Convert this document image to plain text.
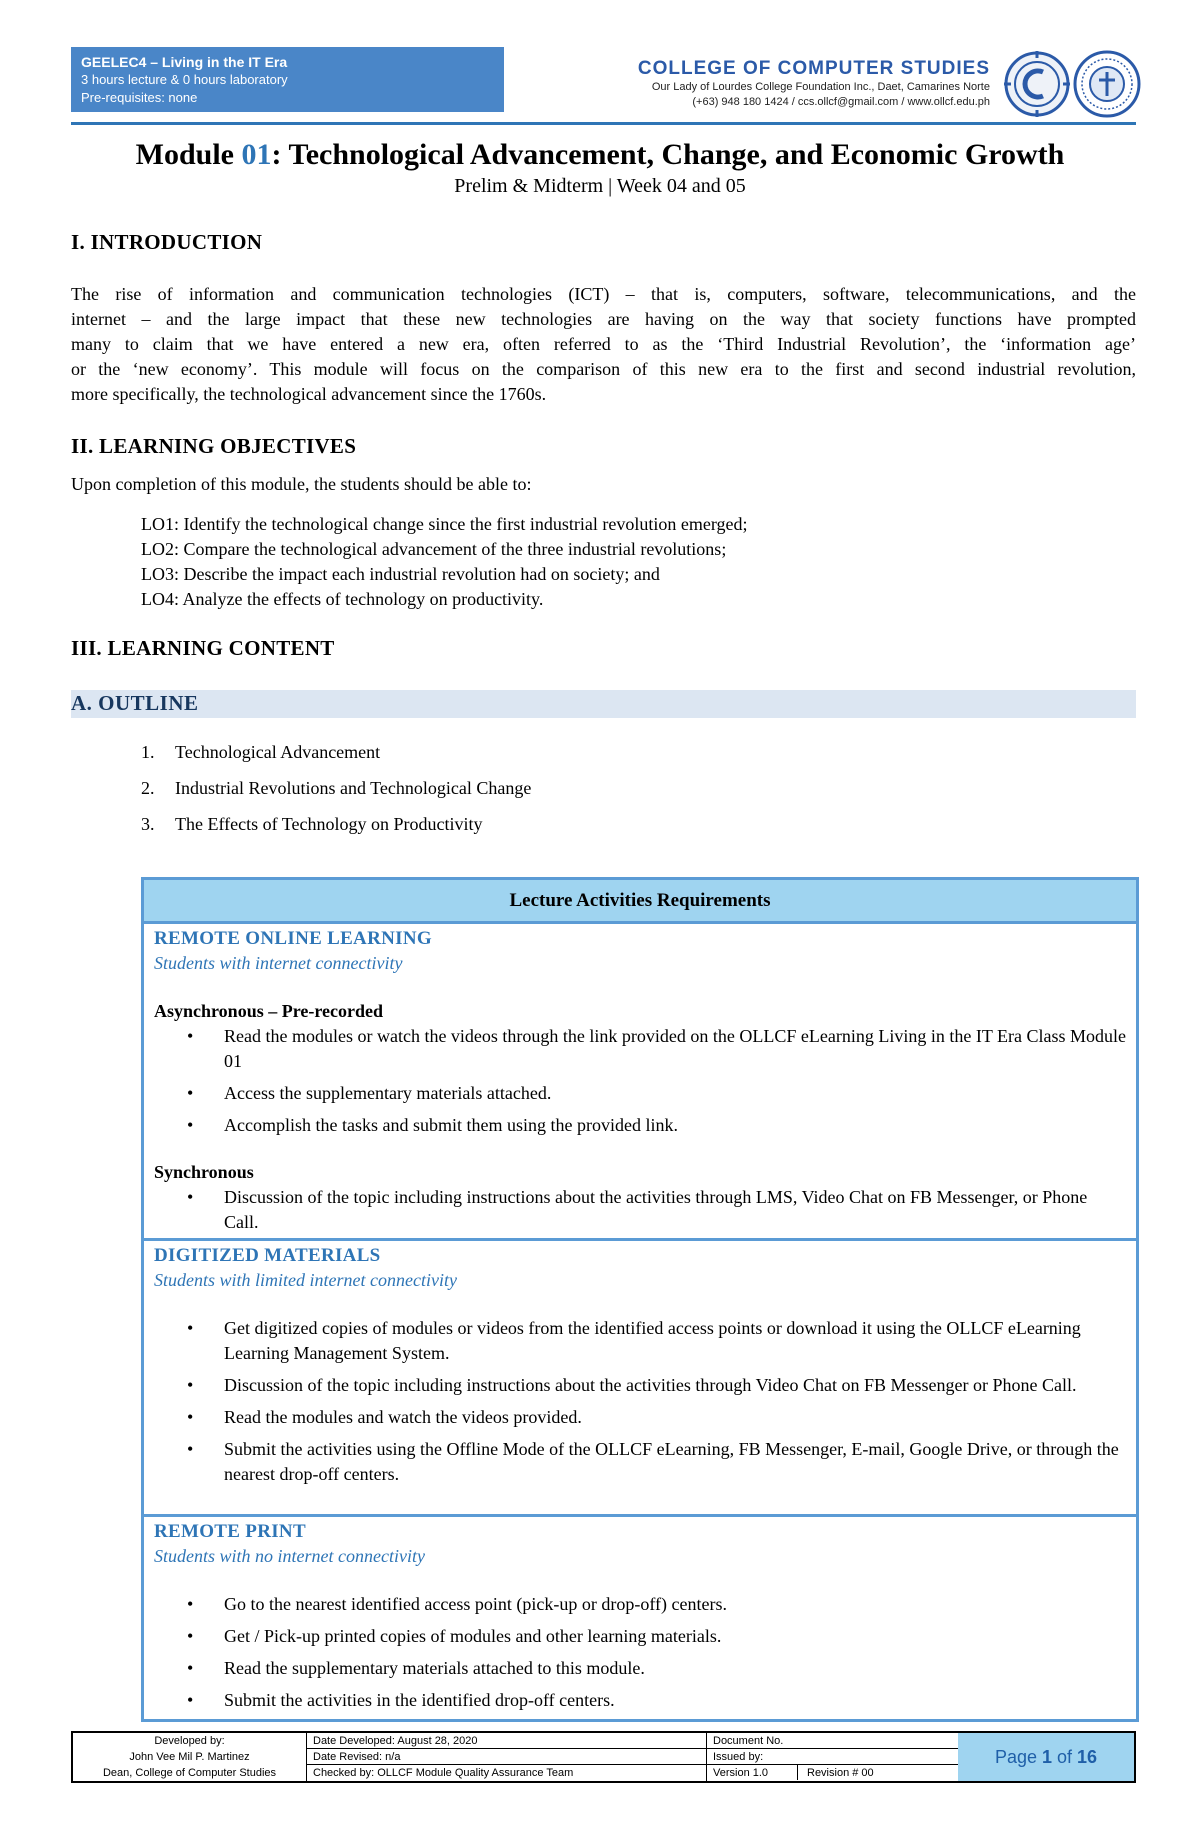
GEELEC4 – Living in the IT Era
3 hours lecture & 0 hours laboratory
Pre-requisites: none
COLLEGE OF COMPUTER STUDIES
Our Lady of Lourdes College Foundation Inc., Daet, Camarines Norte
(+63) 948 180 1424 / ccs.ollcf@gmail.com / www.ollcf.edu.ph
Module 01: Technological Advancement, Change, and Economic Growth
Prelim & Midterm | Week 04 and 05
I. INTRODUCTION
The rise of information and communication technologies (ICT) – that is, computers, software, telecommunications, and the
internet – and the large impact that these new technologies are having on the way that society functions have prompted
many to claim that we have entered a new era, often referred to as the ‘Third Industrial Revolution’, the ‘information age’
or the ‘new economy’. This module will focus on the comparison of this new era to the first and second industrial revolution,
more specifically, the technological advancement since the 1760s.
II. LEARNING OBJECTIVES
Upon completion of this module, the students should be able to:
LO1: Identify the technological change since the first industrial revolution emerged;
LO2: Compare the technological advancement of the three industrial revolutions;
LO3: Describe the impact each industrial revolution had on society; and
LO4: Analyze the effects of technology on productivity.
III. LEARNING CONTENT
A. OUTLINE
1. Technological Advancement
2. Industrial Revolutions and Technological Change
3. The Effects of Technology on Productivity
Lecture Activities Requirements
REMOTE ONLINE LEARNING
Students with internet connectivity
Asynchronous – Pre-recorded
• Read the modules or watch the videos through the link provided on the OLLCF eLearning Living in the IT Era Class Module 01
• Access the supplementary materials attached.
• Accomplish the tasks and submit them using the provided link.
Synchronous
• Discussion of the topic including instructions about the activities through LMS, Video Chat on FB Messenger, or Phone Call.
DIGITIZED MATERIALS
Students with limited internet connectivity
• Get digitized copies of modules or videos from the identified access points or download it using the OLLCF eLearning Learning Management System.
• Discussion of the topic including instructions about the activities through Video Chat on FB Messenger or Phone Call.
• Read the modules and watch the videos provided.
• Submit the activities using the Offline Mode of the OLLCF eLearning, FB Messenger, E-mail, Google Drive, or through the nearest drop-off centers.
REMOTE PRINT
Students with no internet connectivity
• Go to the nearest identified access point (pick-up or drop-off) centers.
• Get / Pick-up printed copies of modules and other learning materials.
• Read the supplementary materials attached to this module.
• Submit the activities in the identified drop-off centers.
Developed by:
John Vee Mil P. Martinez
Dean, College of Computer Studies
Date Developed: August 28, 2020
Date Revised: n/a
Checked by: OLLCF Module Quality Assurance Team
Document No.
Issued by:
Version 1.0	Revision # 00
Page 1 of 16
